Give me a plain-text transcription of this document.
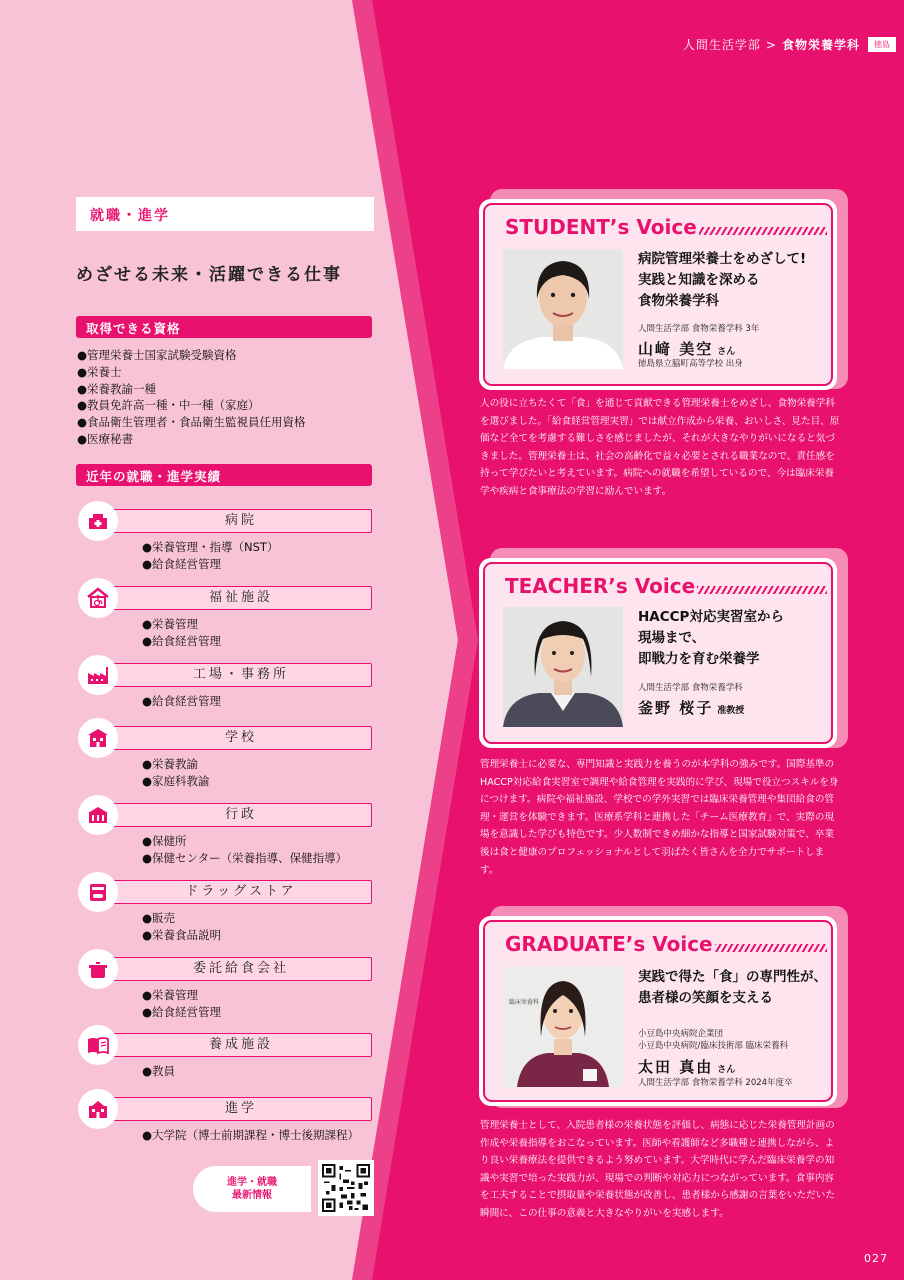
人間生活学部 > 食物栄養学科	徳島
就職・進学
めざせる未来・活躍できる仕事
取得できる資格
●管理栄養士国家試験受験資格
●栄養士
●栄養教諭一種
●教員免許高一種・中一種（家庭）
●食品衛生管理者・食品衛生監視員任用資格
●医療秘書
近年の就職・進学実績
病院
●栄養管理・指導（NST）
●給食経営管理
福祉施設
●栄養管理
●給食経営管理
工場・事務所
●給食経営管理
学校
●栄養教諭
●家庭科教諭
行政
●保健所
●保健センター（栄養指導、保健指導）
ドラッグストア
●販売
●栄養食品説明
委託給食会社
●栄養管理
●給食経営管理
養成施設
●教員
進学
●大学院（博士前期課程・博士後期課程）
進学・就職
最新情報
STUDENT’s Voice
病院管理栄養士をめざして!
実践と知識を深める
食物栄養学科
人間生活学部 食物栄養学科 3年
山﨑 美空 さん
徳島県立脇町高等学校 出身
人の役に立ちたくて「食」を通じて貢献できる管理栄養士をめざし、食物栄養学科を選びました。「給食経営管理実習」では献立作成から栄養、おいしさ、見た目、原価など全てを考慮する難しさを感じましたが、それが大きなやりがいになると気づきました。管理栄養士は、社会の高齢化で益々必要とされる職業なので、責任感を持って学びたいと考えています。病院への就職を希望しているので、今は臨床栄養学や疾病と食事療法の学習に励んでいます。
TEACHER’s Voice
HACCP対応実習室から
現場まで、
即戦力を育む栄養学
人間生活学部 食物栄養学科
釜野 桜子 准教授
管理栄養士に必要な、専門知識と実践力を養うのが本学科の強みです。国際基準のHACCP対応給食実習室で調理や給食管理を実践的に学び、現場で役立つスキルを身につけます。病院や福祉施設、学校での学外実習では臨床栄養管理や集団給食の管理・運営を体験できます。医療系学科と連携した「チーム医療教育」で、実際の現場を意識した学びも特色です。少人数制できめ細かな指導と国家試験対策で、卒業後は食と健康のプロフェッショナルとして羽ばたく皆さんを全力でサポートします。
GRADUATE’s Voice
臨床栄養科
実践で得た「食」の専門性が、
患者様の笑顔を支える
小豆島中央病院企業団
小豆島中央病院/臨床技術部 臨床栄養科
太田 真由 さん
人間生活学部 食物栄養学科 2024年度卒
管理栄養士として、入院患者様の栄養状態を評価し、病態に応じた栄養管理計画の作成や栄養指導をおこなっています。医師や看護師など多職種と連携しながら、より良い栄養療法を提供できるよう努めています。大学時代に学んだ臨床栄養学の知識や実習で培った実践力が、現場での判断や対応力につながっています。食事内容を工夫することで摂取量や栄養状態が改善し、患者様から感謝の言葉をいただいた瞬間に、この仕事の意義と大きなやりがいを実感します。
027
